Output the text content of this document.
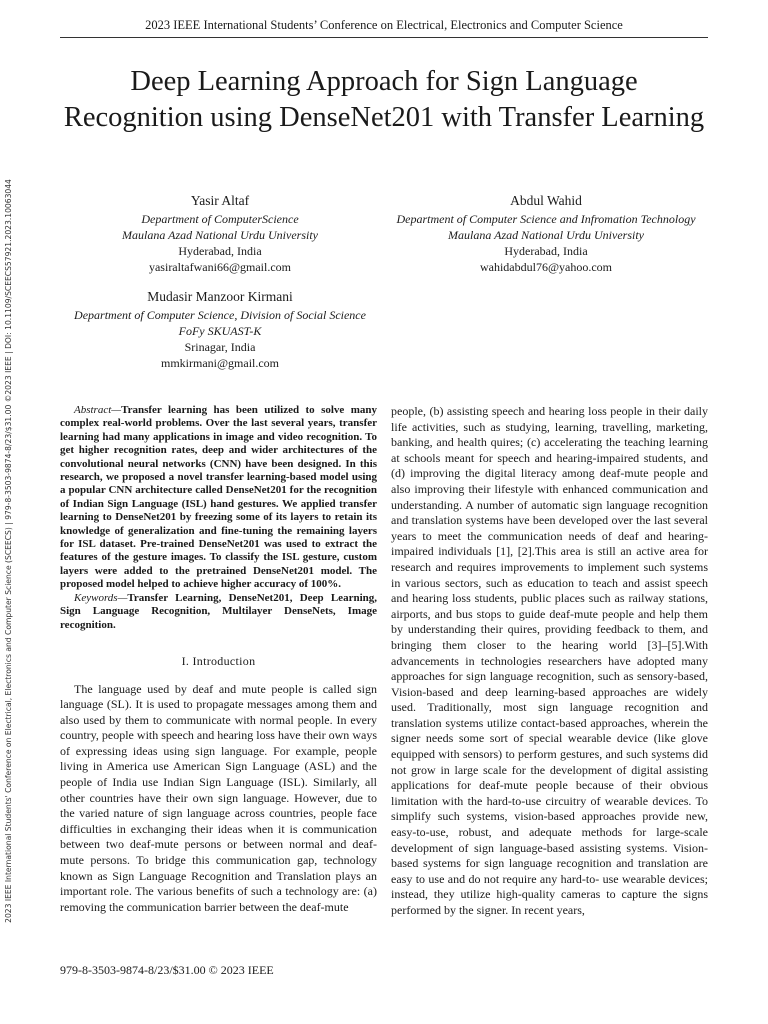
2023 IEEE International Students’ Conference on Electrical, Electronics and Computer Science
2023 IEEE International Students' Conference on Electrical, Electronics and Computer Science (SCEECS) | 979-8-3503-9874-8/23/$31.00 ©2023 IEEE | DOI: 10.1109/SCEECS57921.2023.10063044
Deep Learning Approach for Sign Language Recognition using DenseNet201 with Transfer Learning
Yasir Altaf
Department of ComputerScience
Maulana Azad National Urdu University
Hyderabad, India
yasiraltafwani66@gmail.com
Abdul Wahid
Department of Computer Science and Infromation Technology
Maulana Azad National Urdu University
Hyderabad, India
wahidabdul76@yahoo.com
Mudasir Manzoor Kirmani
Department of Computer Science, Division of Social Science
FoFy SKUAST-K
Srinagar, India
mmkirmani@gmail.com

Abstract—Transfer learning has been utilized to solve many complex real-world problems. Over the last several years, transfer learning had many applications in image and video recognition. To get higher recognition rates, deep and wider architectures of the convolutional neural networks (CNN) have been designed. In this research, we proposed a novel transfer learning-based model using a popular CNN architecture called DenseNet201 for the recognition of Indian Sign Language (ISL) hand gestures. We applied transfer learning to DenseNet201 by freezing some of its layers to retain its knowledge of generalization and fine-tuning the remaining layers for ISL dataset. Pre-trained DenseNet201 was used to extract the features of the gesture images. To classify the ISL gesture, custom layers were added to the pretrained DenseNet201 model. The proposed model helped to achieve higher accuracy of 100%.

Keywords—Transfer Learning, DenseNet201, Deep Learning, Sign Language Recognition, Multilayer DenseNets, Image recognition.

I. Introduction

The language used by deaf and mute people is called sign language (SL). It is used to propagate messages among them and also used by them to communicate with normal people. In every country, people with speech and hearing loss have their own ways of expressing ideas using sign language. For example, people living in America use American Sign Language (ASL) and the people of India use Indian Sign Language (ISL). Similarly, all other countries have their own sign language. However, due to the varied nature of sign language across countries, people face difficulties in exchanging their ideas when it is communication between two deaf-mute persons or between normal and deaf-mute persons. To bridge this communication gap, technology known as Sign Language Recognition and Translation plays an important role. The various benefits of such a technology are: (a) removing the communication barrier between the deaf-mute

people, (b) assisting speech and hearing loss people in their daily life activities, such as studying, learning, travelling, marketing, banking, and health quires; (c) accelerating the teaching learning at schools meant for speech and hearing-impaired students, and (d) improving the digital literacy among deaf-mute people and also improving their lifestyle with enhanced communication and understanding. A number of automatic sign language recognition and translation systems have been developed over the last several years to meet the communication needs of deaf and hearing-impaired individuals [1], [2].This area is still an active area for research and requires improvements to implement such systems in various sectors, such as education to teach and assist speech and hearing loss students, public places such as railway stations, airports, and bus stops to guide deaf-mute people and help them by understanding their quires, providing feedback to them, and bringing them closer to the hearing world [3]–[5].With advancements in technologies researchers have adopted many approaches for sign language recognition, such as sensory-based, Vision-based and deep learning-based approaches are widely used. Traditionally, most sign language recognition and translation systems utilize contact-based approaches, wherein the signer needs some sort of special wearable device (like glove equipped with sensors) to perform gestures, and such systems did not grow in large scale for the development of digital assisting applications for deaf-mute people because of their obvious limitation with the hard-to-use circuitry of wearable devices. To simplify such systems, vision-based approaches provide new, easy-to-use, robust, and adequate methods for large-scale development of sign language-based assisting systems. Vision-based systems for sign language recognition and translation are easy to use and do not require any hard-to- use wearable devices; instead, they utilize high-quality cameras to capture the signs performed by the signer. In recent years,

979-8-3503-9874-8/23/$31.00 © 2023 IEEE
